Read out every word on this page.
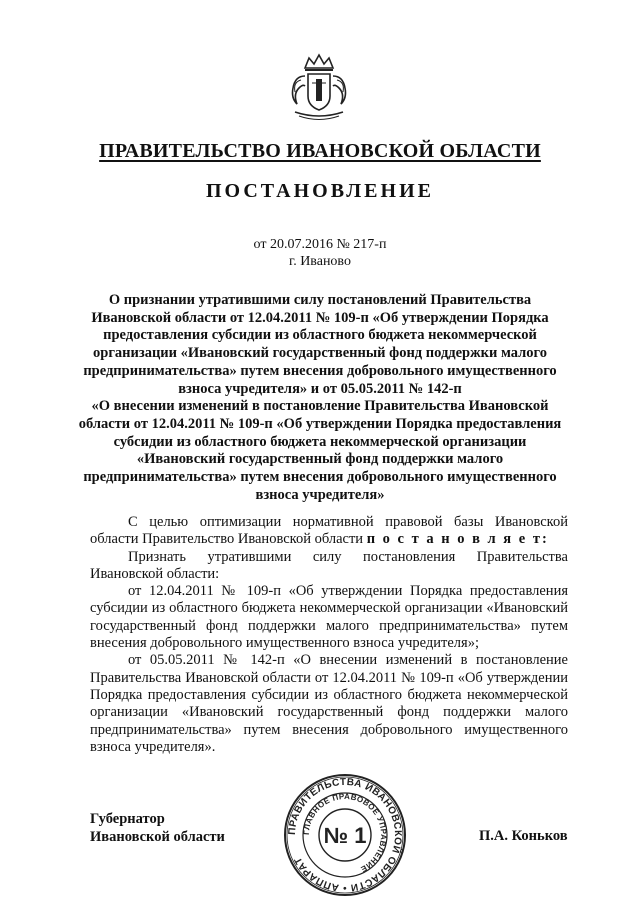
ПРАВИТЕЛЬСТВО ИВАНОВСКОЙ ОБЛАСТИ
ПОСТАНОВЛЕНИЕ
от 20.07.2016 № 217-п
г. Иваново

О признании утратившими силу постановлений Правительства Ивановской области от 12.04.2011 № 109-п «Об утверждении Порядка предоставления субсидии из областного бюджета некоммерческой организации «Ивановский государственный фонд поддержки малого предпринимательства» путем внесения добровольного имущественного взноса учредителя» и от 05.05.2011 № 142-п

«О внесении изменений в постановление Правительства Ивановской области от 12.04.2011 № 109-п «Об утверждении Порядка предоставления субсидии из областного бюджета некоммерческой организации «Ивановский государственный фонд поддержки малого предпринимательства» путем внесения добровольного имущественного взноса учредителя»

С целью оптимизации нормативной правовой базы Ивановской области Правительство Ивановской области п о с т а н о в л я е т:

Признать утратившими силу постановления Правительства Ивановской области:

от 12.04.2011 № 109-п «Об утверждении Порядка предоставления субсидии из областного бюджета некоммерческой организации «Ивановский государственный фонд поддержки малого предпринимательства» путем внесения добровольного имущественного взноса учредителя»;

от 05.05.2011 № 142-п «О внесении изменений в постановление Правительства Ивановской области от 12.04.2011 № 109-п «Об утверждении Порядка предоставления субсидии из областного бюджета некоммерческой организации «Ивановский государственный фонд поддержки малого предпринимательства» путем внесения добровольного имущественного взноса учредителя».

Губернатор
Ивановской области	П.А. Коньков
ПРАВИТЕЛЬСТВА ИВАНОВСКОЙ ОБЛАСТИ • АППАРАТ
ГЛАВНОЕ ПРАВОВОЕ УПРАВЛЕНИЕ
№ 1
